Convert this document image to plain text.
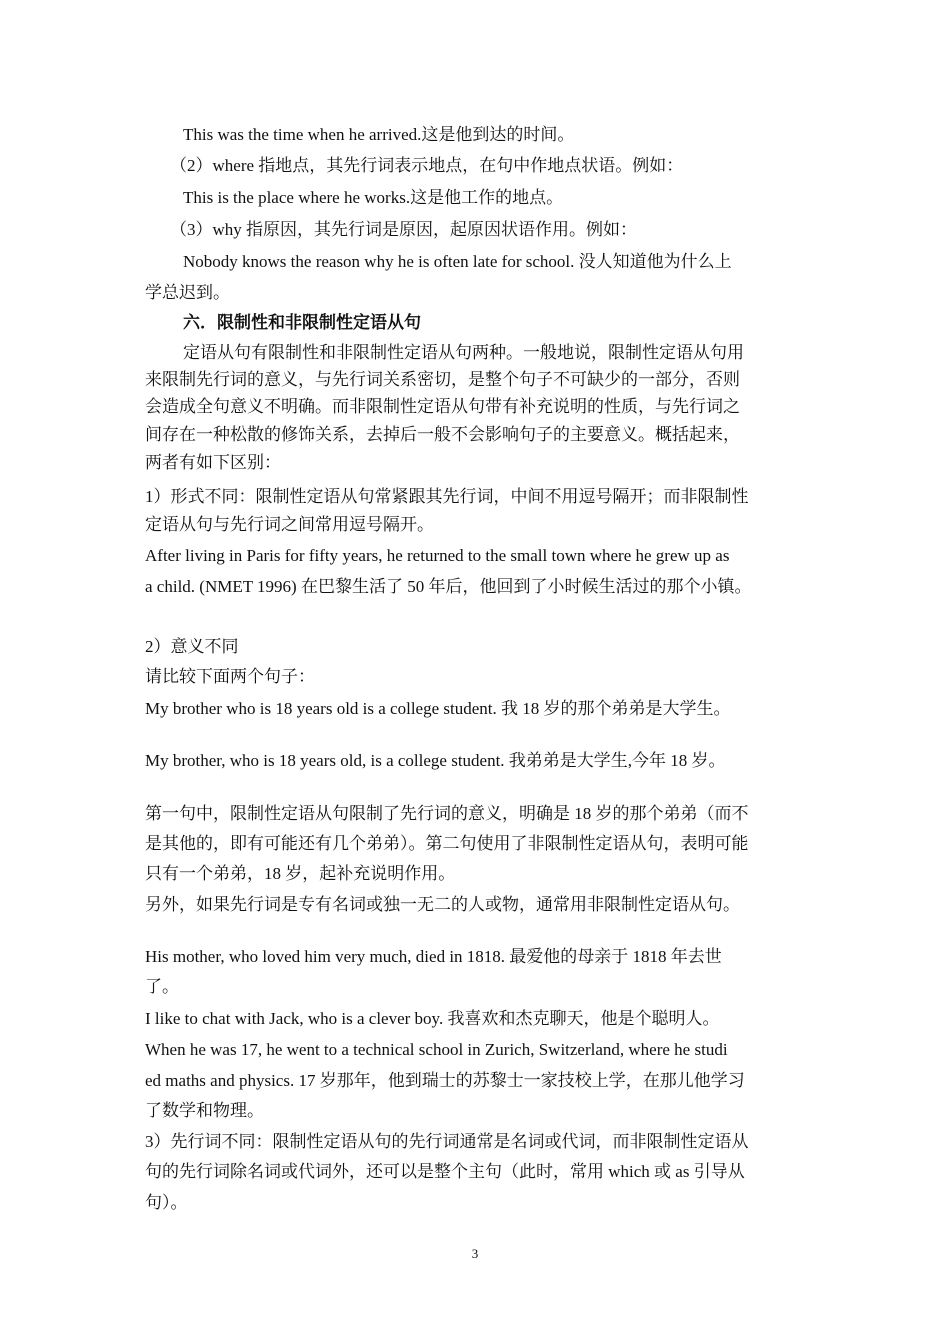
This was the time when he arrived.这是他到达的时间。
（2）where 指地点，其先行词表示地点，在句中作地点状语。例如：
This is the place where he works.这是他工作的地点。
（3）why 指原因，其先行词是原因，起原因状语作用。例如：
Nobody knows the reason why he is often late for school. 没人知道他为什么上
学总迟到。
六．限制性和非限制性定语从句
定语从句有限制性和非限制性定语从句两种。一般地说，限制性定语从句用
来限制先行词的意义，与先行词关系密切，是整个句子不可缺少的一部分，否则
会造成全句意义不明确。而非限制性定语从句带有补充说明的性质，与先行词之
间存在一种松散的修饰关系，去掉后一般不会影响句子的主要意义。概括起来，
两者有如下区别：
1）形式不同：限制性定语从句常紧跟其先行词，中间不用逗号隔开；而非限制性
定语从句与先行词之间常用逗号隔开。
After living in Paris for fifty years, he returned to the small town where he grew up as
a child. (NMET 1996) 在巴黎生活了 50 年后，他回到了小时候生活过的那个小镇。
2）意义不同
请比较下面两个句子：
My brother who is 18 years old is a college student. 我 18 岁的那个弟弟是大学生。
My brother, who is 18 years old, is a college student. 我弟弟是大学生,今年 18 岁。
第一句中，限制性定语从句限制了先行词的意义，明确是 18 岁的那个弟弟（而不
是其他的，即有可能还有几个弟弟）。第二句使用了非限制性定语从句，表明可能
只有一个弟弟，18 岁，起补充说明作用。
另外，如果先行词是专有名词或独一无二的人或物，通常用非限制性定语从句。
His mother, who loved him very much, died in 1818. 最爱他的母亲于 1818 年去世
了。
I like to chat with Jack, who is a clever boy. 我喜欢和杰克聊天，他是个聪明人。
When he was 17, he went to a technical school in Zurich, Switzerland, where he studi
ed maths and physics. 17 岁那年，他到瑞士的苏黎士一家技校上学，在那儿他学习
了数学和物理。
3）先行词不同：限制性定语从句的先行词通常是名词或代词，而非限制性定语从
句的先行词除名词或代词外，还可以是整个主句（此时，常用 which 或 as 引导从
句）。
3
